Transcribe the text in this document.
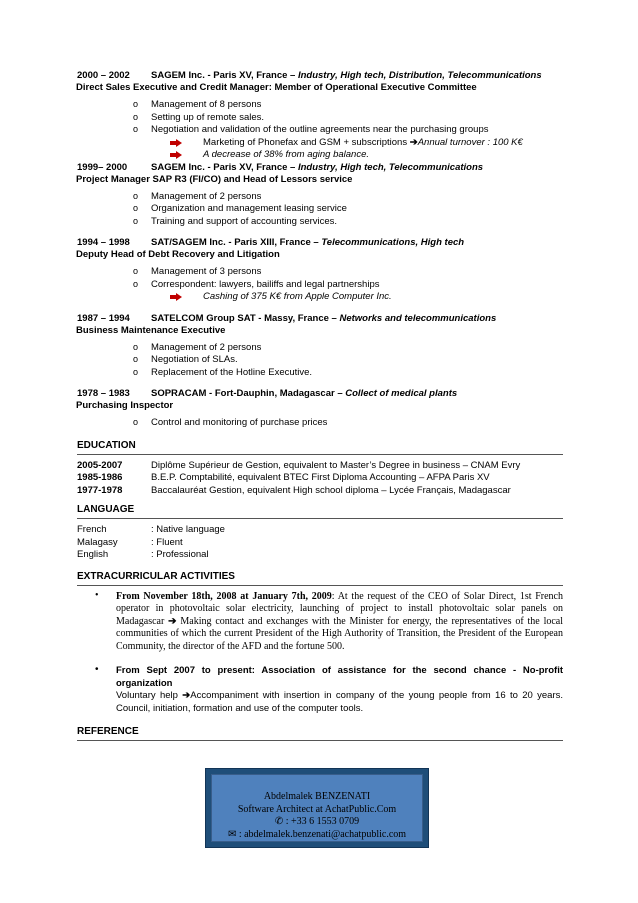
2000 – 2002	SAGEM Inc. - Paris XV, France – Industry, High tech, Distribution, Telecommunications
Direct Sales Executive and Credit Manager: Member of Operational Executive Committee
o Management of 8 persons
o Setting up of remote sales.
o Negotiation and validation of the outline agreements near the purchasing groups
Marketing of Phonefax and GSM + subscriptions ➔Annual turnover : 100 K€
A decrease of 38% from aging balance.
1999– 2000	SAGEM Inc. - Paris XV, France – Industry, High tech, Telecommunications
Project Manager SAP R3 (FI/CO) and Head of Lessors service
o Management of 2 persons
o Organization and management leasing service
o Training and support of accounting services.
1994 – 1998	SAT/SAGEM Inc. - Paris XIII, France – Telecommunications, High tech
Deputy Head of Debt Recovery and Litigation
o Management of 3 persons
o Correspondent: lawyers, bailiffs and legal partnerships
Cashing of 375 K€ from Apple Computer Inc.
1987 – 1994	SATELCOM Group SAT - Massy, France – Networks and telecommunications
Business Maintenance Executive
o Management of 2 persons
o Negotiation of SLAs.
o Replacement of the Hotline Executive.
1978 – 1983	SOPRACAM - Fort-Dauphin, Madagascar – Collect of medical plants
Purchasing Inspector
o Control and monitoring of purchase prices
EDUCATION
2005-2007	Diplôme Supérieur de Gestion, equivalent to Master’s Degree in business – CNAM Evry
1985-1986	B.E.P. Comptabilité, equivalent BTEC First Diploma Accounting – AFPA Paris XV
1977-1978	Baccalauréat Gestion, equivalent High school diploma – Lycée Français, Madagascar
LANGUAGE
French	: Native language
Malagasy	: Fluent
English	: Professional
EXTRACURRICULAR ACTIVITIES
• From November 18th, 2008 at January 7th, 2009: At the request of the CEO of Solar Direct, 1st French operator in photovoltaic solar electricity, launching of project to install photovoltaic solar panels on Madagascar ➔ Making contact and exchanges with the Minister for energy, the representatives of the local communities of which the current President of the High Authority of Transition, the President of the European Community, the director of the AFD and the fortune 500.
• From Sept 2007 to present: Association of assistance for the second chance - No-profit organization
Voluntary help ➔Accompaniment with insertion in company of the young people from 16 to 20 years. Council, initiation, formation and use of the computer tools.
REFERENCE
Abdelmalek BENZENATI
Software Architect at AchatPublic.Com
✆ : +33 6 1553 0709
✉ : abdelmalek.benzenati@achatpublic.com
